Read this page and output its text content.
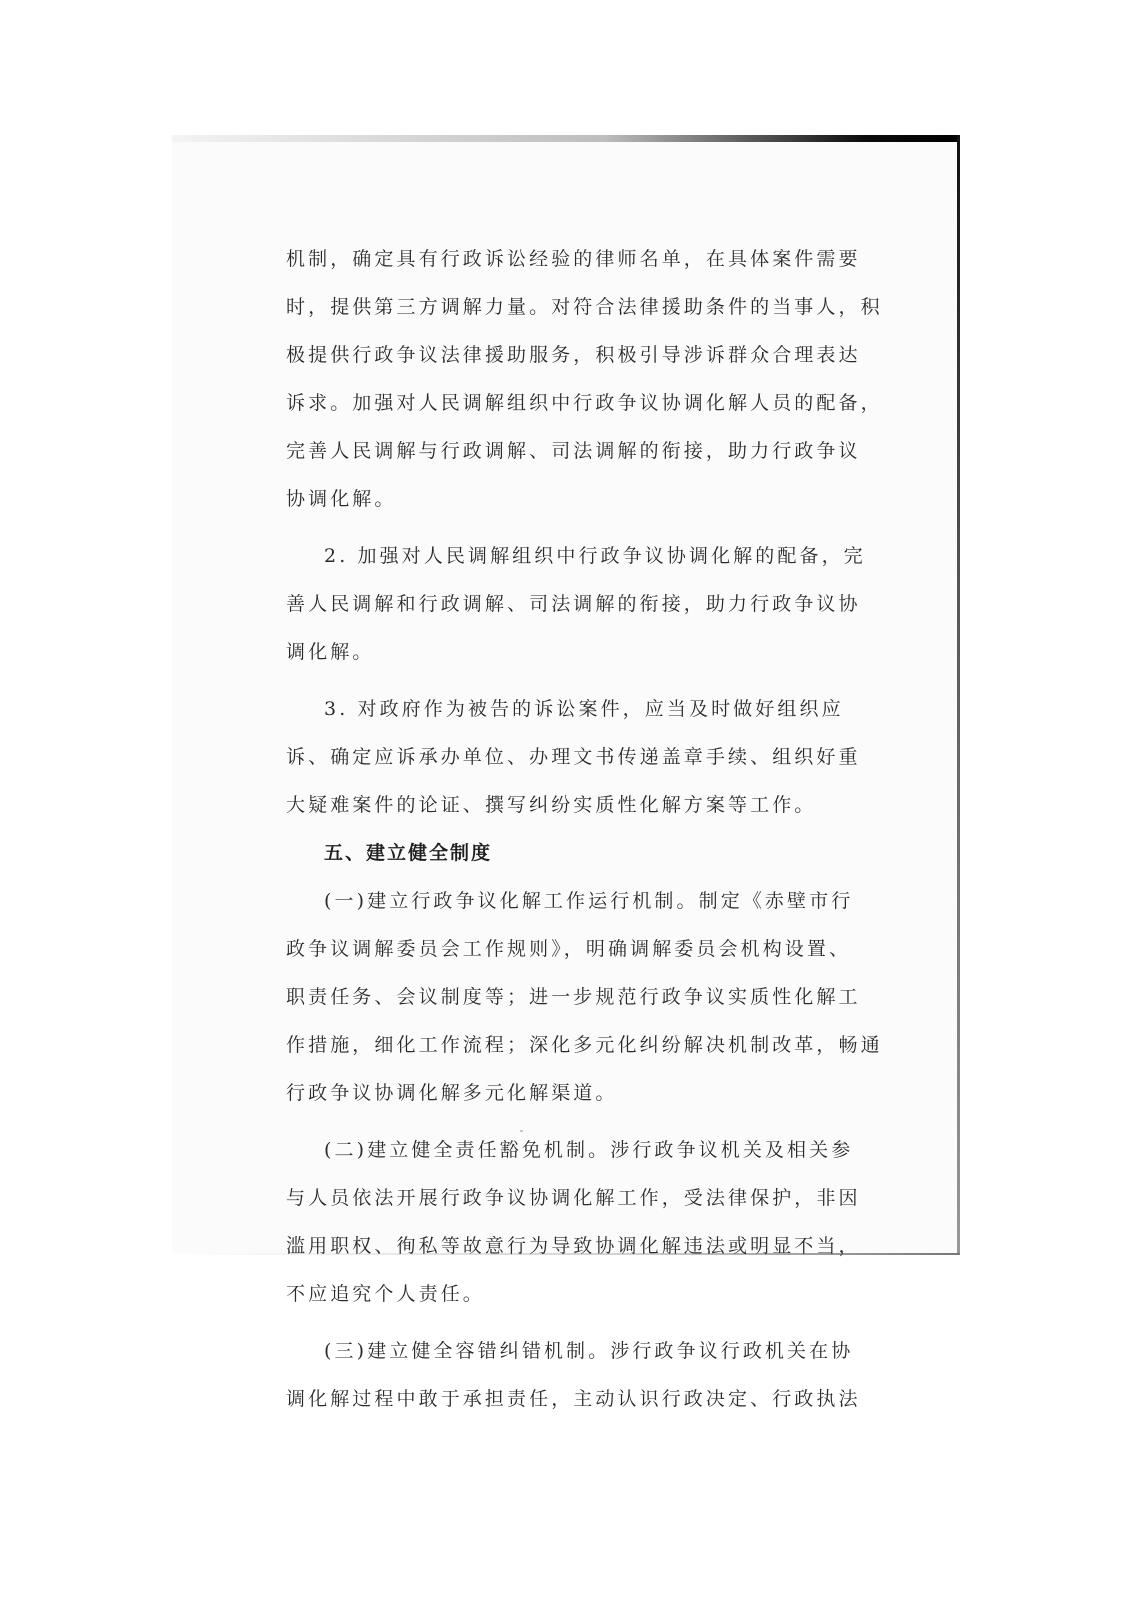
机制，确定具有行政诉讼经验的律师名单，在具体案件需要

时，提供第三方调解力量。对符合法律援助条件的当事人，积

极提供行政争议法律援助服务，积极引导涉诉群众合理表达

诉求。加强对人民调解组织中行政争议协调化解人员的配备，

完善人民调解与行政调解、司法调解的衔接，助力行政争议

协调化解。

2. 加强对人民调解组织中行政争议协调化解的配备，完

善人民调解和行政调解、司法调解的衔接，助力行政争议协

调化解。

3. 对政府作为被告的诉讼案件，应当及时做好组织应

诉、确定应诉承办单位、办理文书传递盖章手续、组织好重

大疑难案件的论证、撰写纠纷实质性化解方案等工作。

五、建立健全制度

(一)建立行政争议化解工作运行机制。制定《赤壁市行

政争议调解委员会工作规则》，明确调解委员会机构设置、

职责任务、会议制度等；进一步规范行政争议实质性化解工

作措施，细化工作流程；深化多元化纠纷解决机制改革，畅通

行政争议协调化解多元化解渠道。

(二)建立健全责任豁免机制。涉行政争议机关及相关参

与人员依法开展行政争议协调化解工作，受法律保护，非因

滥用职权、徇私等故意行为导致协调化解违法或明显不当，

不应追究个人责任。

(三)建立健全容错纠错机制。涉行政争议行政机关在协

调化解过程中敢于承担责任，主动认识行政决定、行政执法
